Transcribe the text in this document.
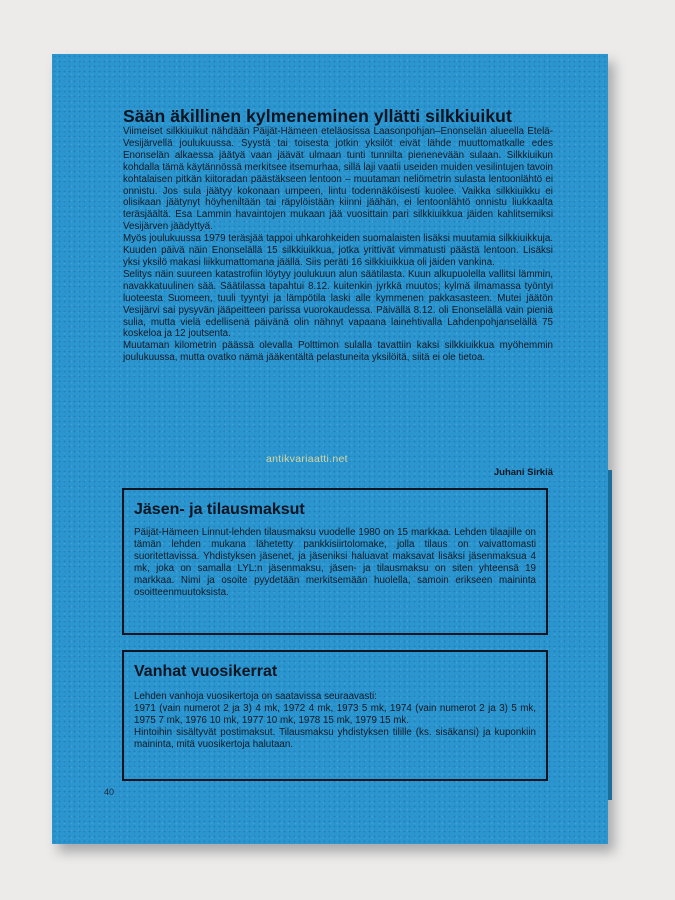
Sään äkillinen kylmeneminen yllätti silkkiuikut

Viimeiset silkkiuikut nähdään Päijät-Hämeen eteläosissa Laasonpohjan–Enonselän alueella Etelä-Vesijärvellä joulukuussa. Syystä tai toisesta jotkin yksilöt eivät lähde muuttomatkalle edes Enonselän alkaessa jäätyä vaan jäävät ulmaan tunti tunnilta pienenevään sulaan. Silkkiuikun kohdalla tämä käytännössä merkitsee itsemurhaa, sillä laji vaatii useiden muiden vesilintujen tavoin kohtalaisen pitkän kiitoradan päästäkseen lentoon – muutaman neliömetrin sulasta lentoonlähtö ei onnistu. Jos sula jäätyy kokonaan umpeen, lintu todennäköisesti kuolee. Vaikka silkkiuikku ei olisikaan jäätynyt höyheniltään tai räpylöistään kiinni jäähän, ei lentoonlähtö onnistu liukkaalta teräsjäältä. Esa Lammin havaintojen mukaan jää vuosittain pari silkkiuikkua jäiden kahlitsemiksi Vesijärven jäädyttyä.

Myös joulukuussa 1979 teräsjää tappoi uhkarohkeiden suomalaisten lisäksi muutamia silkkiuikkuja. Kuuden päivä näin Enonselällä 15 silkkiuikkua, jotka yrittivät vimmatusti päästä lentoon. Lisäksi yksi yksilö makasi liikkumattomana jäällä. Siis peräti 16 silkkiuikkua oli jäiden vankina.

Selitys näin suureen katastrofiin löytyy joulukuun alun säätilasta. Kuun alkupuolella vallitsi lämmin, navakkatuulinen sää. Säätilassa tapahtui 8.12. kuitenkin jyrkkä muutos; kylmä ilmamassa työntyi luoteesta Suomeen, tuuli tyyntyi ja lämpötila laski alle kymmenen pakkasasteen. Mutei jäätön Vesijärvi sai pysyvän jääpeitteen parissa vuorokaudessa. Päivällä 8.12. oli Enonselällä vain pieniä sulia, mutta vielä edellisenä päivänä olin nähnyt vapaana lainehtivalla Lahdenpohjanselällä 75 koskeloa ja 12 joutsenta.

Muutaman kilometrin päässä olevalla Polttimon sulalla tavattiin kaksi silkkiuikkua myöhemmin joulukuussa, mutta ovatko nämä jääkentältä pelastuneita yksilöitä, siitä ei ole tietoa.

Juhani Sirkiä
Jäsen- ja tilausmaksut
Päijät-Hämeen Linnut-lehden tilausmaksu vuodelle 1980 on 15 markkaa. Lehden tilaajille on tämän lehden mukana lähetetty pankkisiirtolomake, jolla tilaus on vaivattomasti suoritettavissa. Yhdistyksen jäsenet, ja jäseniksi haluavat maksavat lisäksi jäsenmaksua 4 mk, joka on samalla LYL:n jäsenmaksu, jäsen- ja tilausmaksu on siten yhteensä 19 markkaa. Nimi ja osoite pyydetään merkitsemään huolella, samoin erikseen maininta osoitteenmuutoksista.
Vanhat vuosikerrat

Lehden vanhoja vuosikertoja on saatavissa seuraavasti:

1971 (vain numerot 2 ja 3) 4 mk, 1972 4 mk, 1973 5 mk, 1974 (vain numerot 2 ja 3) 5 mk, 1975 7 mk, 1976 10 mk, 1977 10 mk, 1978 15 mk, 1979 15 mk.

Hintoihin sisältyvät postimaksut. Tilausmaksu yhdistyksen tilille (ks. sisäkansi) ja kuponkiin maininta, mitä vuosikertoja halutaan.

40
antikvariaatti.net
